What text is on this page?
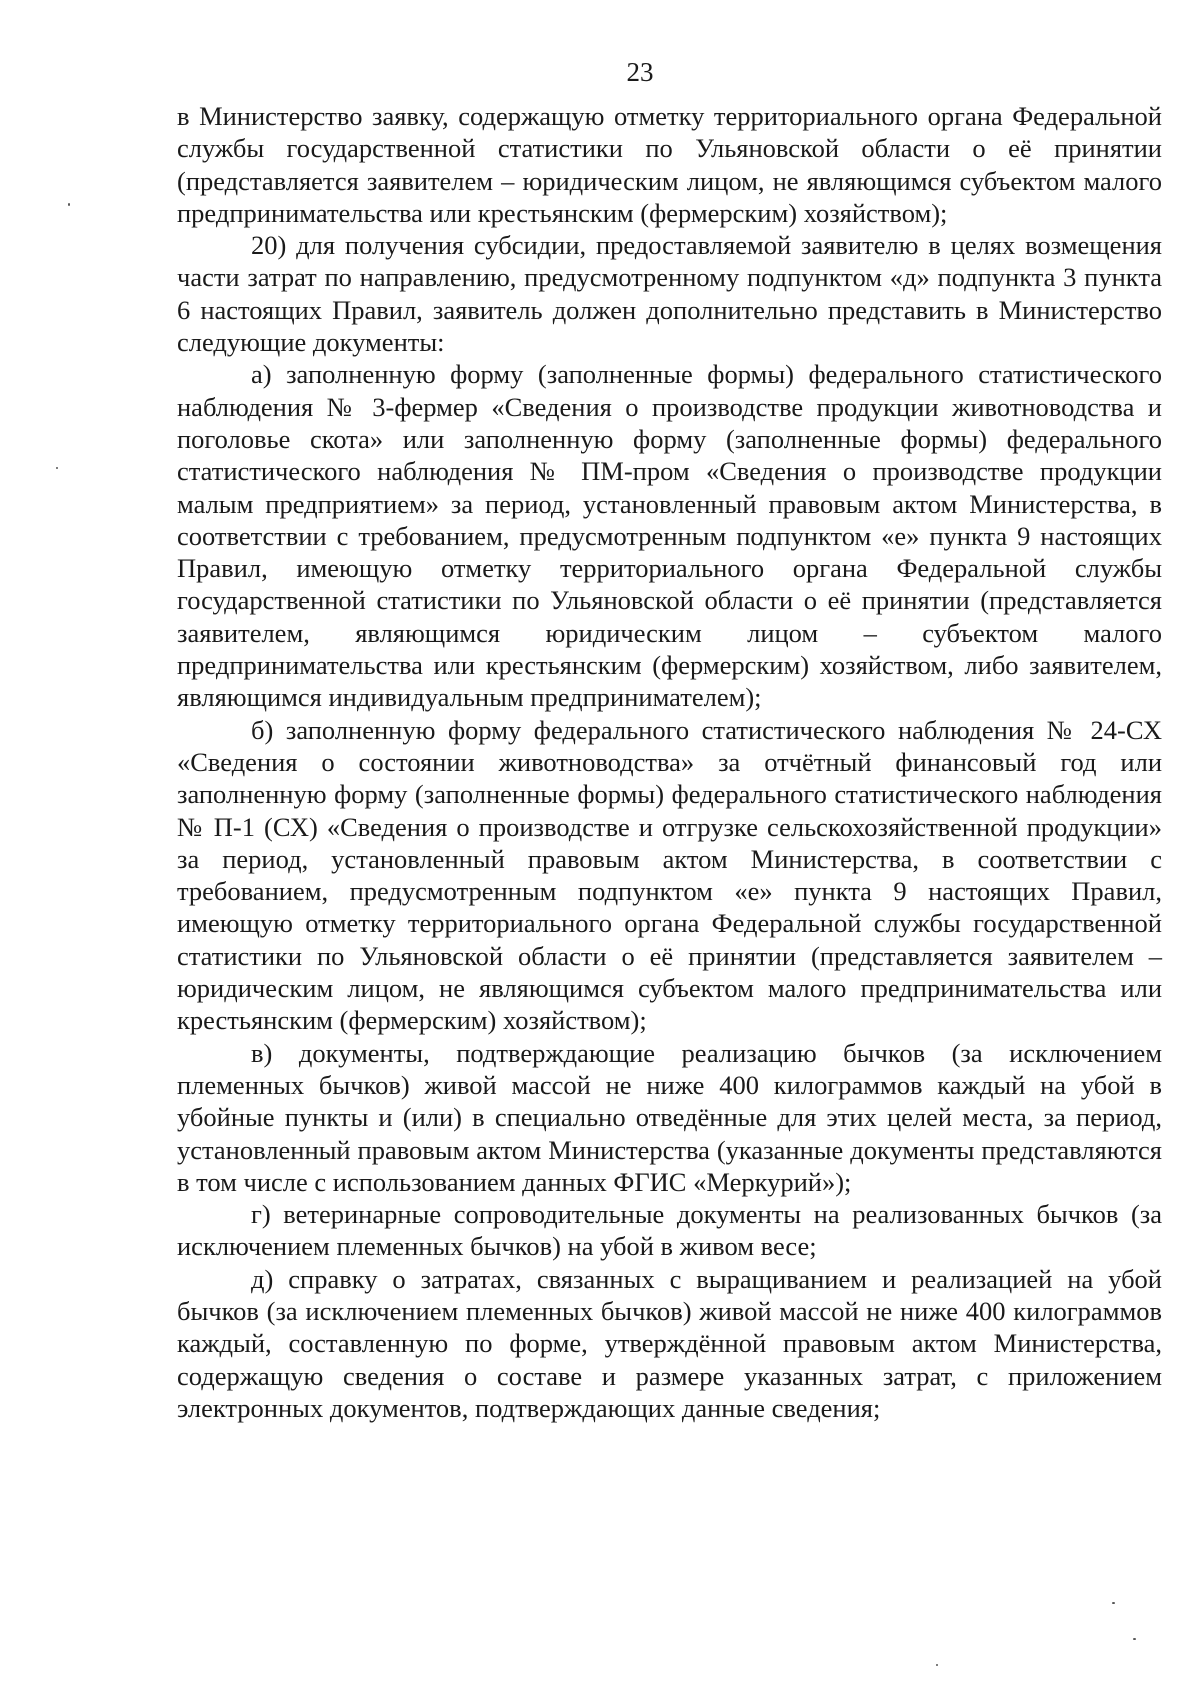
23

в Министерство заявку, содержащую отметку территориального органа Федеральной службы государственной статистики по Ульяновской области о её принятии (представляется заявителем – юридическим лицом, не являющимся субъектом малого предпринимательства или крестьянским (фермерским) хозяйством);

20) для получения субсидии, предоставляемой заявителю в целях возмещения части затрат по направлению, предусмотренному подпунктом «д» подпункта 3 пункта 6 настоящих Правил, заявитель должен дополнительно представить в Министерство следующие документы:

а) заполненную форму (заполненные формы) федерального статистического наблюдения № 3-фермер «Сведения о производстве продукции животноводства и поголовье скота» или заполненную форму (заполненные формы) федерального статистического наблюдения № ПМ-пром «Сведения о производстве продукции малым предприятием» за период, установленный правовым актом Министерства, в соответствии с требованием, предусмотренным подпунктом «е» пункта 9 настоящих Правил, имеющую отметку территориального органа Федеральной службы государственной статистики по Ульяновской области о её принятии (представляется заявителем, являющимся юридическим лицом – субъектом малого предпринимательства или крестьянским (фермерским) хозяйством, либо заявителем, являющимся индивидуальным предпринимателем);

б) заполненную форму федерального статистического наблюдения № 24-СХ «Сведения о состоянии животноводства» за отчётный финансовый год или заполненную форму (заполненные формы) федерального статистического наблюдения № П-1 (СХ) «Сведения о производстве и отгрузке сельскохозяйственной продукции» за период, установленный правовым актом Министерства, в соответствии с требованием, предусмотренным подпунктом «е» пункта 9 настоящих Правил, имеющую отметку территориального органа Федеральной службы государственной статистики по Ульяновской области о её принятии (представляется заявителем – юридическим лицом, не являющимся субъектом малого предпринимательства или крестьянским (фермерским) хозяйством);

в) документы, подтверждающие реализацию бычков (за исключением племенных бычков) живой массой не ниже 400 килограммов каждый на убой в убойные пункты и (или) в специально отведённые для этих целей места, за период, установленный правовым актом Министерства (указанные документы представляются в том числе с использованием данных ФГИС «Меркурий»);

г) ветеринарные сопроводительные документы на реализованных бычков (за исключением племенных бычков) на убой в живом весе;

д) справку о затратах, связанных с выращиванием и реализацией на убой бычков (за исключением племенных бычков) живой массой не ниже 400 килограммов каждый, составленную по форме, утверждённой правовым актом Министерства, содержащую сведения о составе и размере указанных затрат, с приложением электронных документов, подтверждающих данные сведения;
